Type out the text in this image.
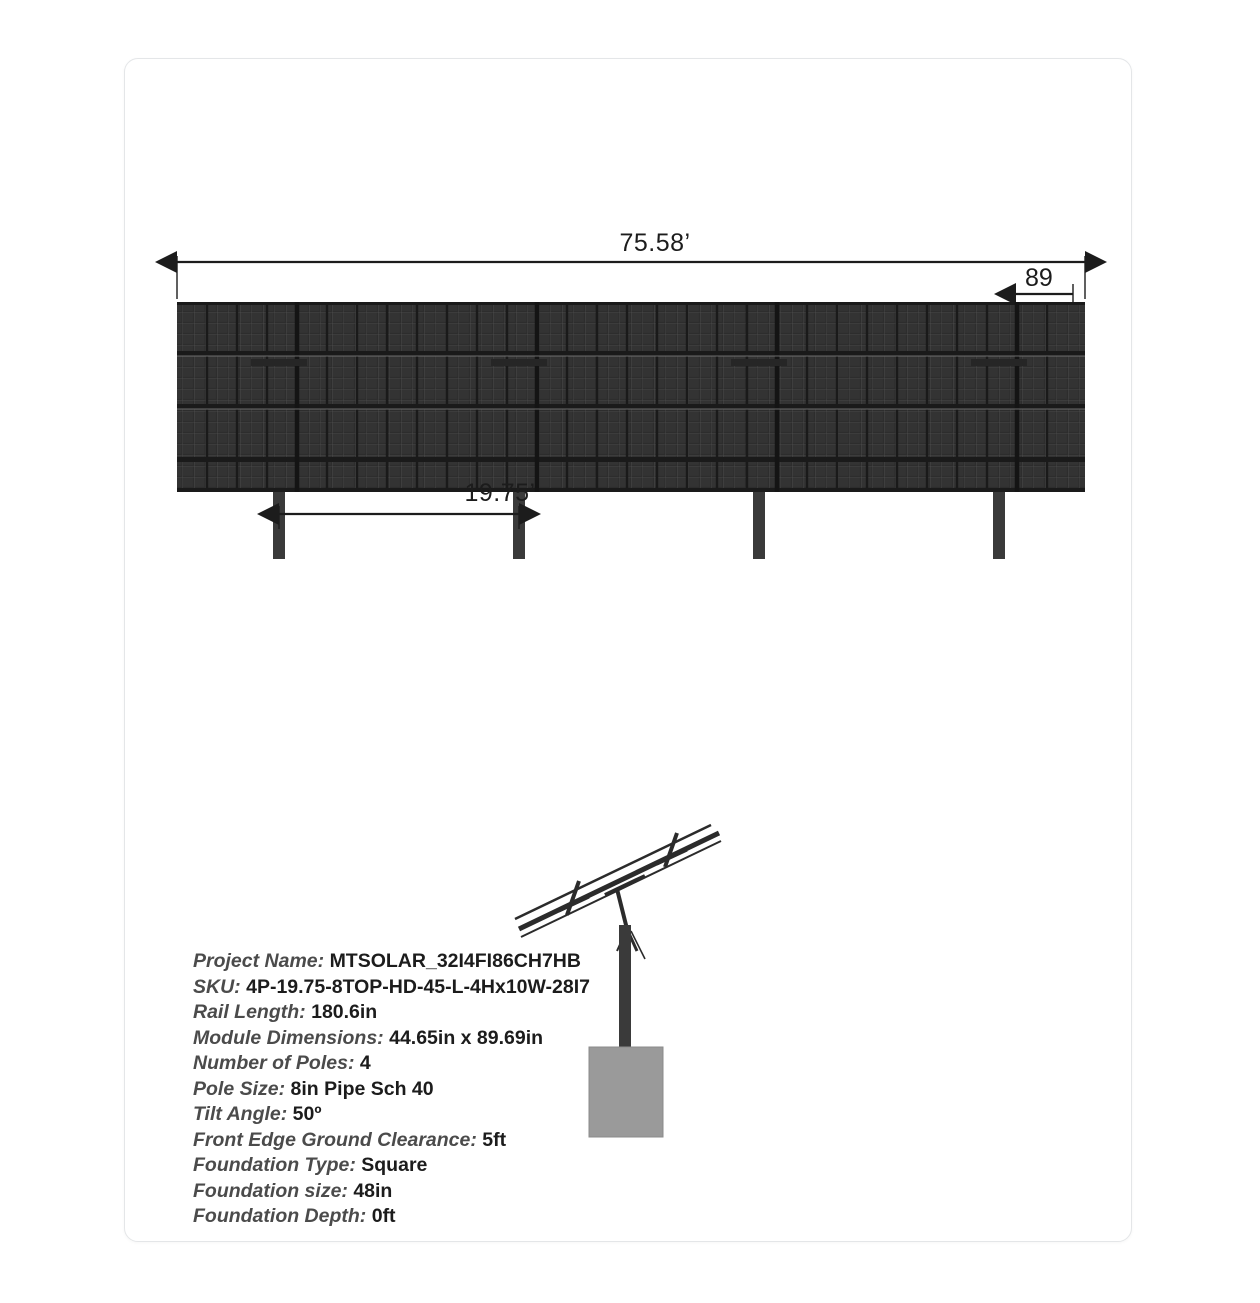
75.58’
89
19.75’
Project Name: MTSOLAR_32I4FI86CH7HB
SKU: 4P-19.75-8TOP-HD-45-L-4Hx10W-28I7
Rail Length: 180.6in
Module Dimensions: 44.65in x 89.69in
Number of Poles: 4
Pole Size: 8in Pipe Sch 40
Tilt Angle: 50º
Front Edge Ground Clearance: 5ft
Foundation Type: Square
Foundation size: 48in
Foundation Depth: 0ft
